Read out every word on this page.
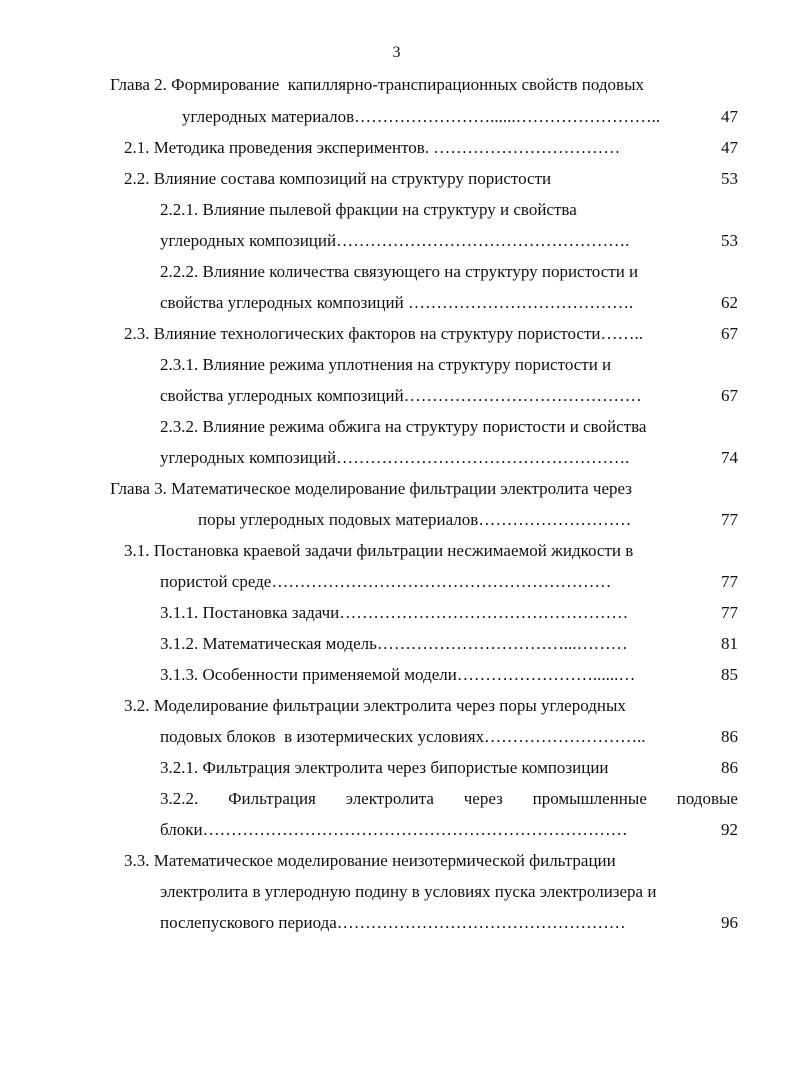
3
Глава 2. Формирование  капиллярно-транспирационных свойств подовых
углеродных материалов……………………......……………………..	47
2.1. Методика проведения экспериментов. ……………………………	47
2.2. Влияние состава композиций на структуру пористости	53
2.2.1. Влияние пылевой фракции на структуру и свойства
углеродных композиций…………………………………………….	53
2.2.2. Влияние количества связующего на структуру пористости и
свойства углеродных композиций ………………………………….	62
2.3. Влияние технологических факторов на структуру пористости……..	67
2.3.1. Влияние режима уплотнения на структуру пористости и
свойства углеродных композиций……………………………………	67
2.3.2. Влияние режима обжига на структуру пористости и свойства
углеродных композиций…………………………………………….	74
Глава 3. Математическое моделирование фильтрации электролита через
поры углеродных подовых материалов………………………	77
3.1. Постановка краевой задачи фильтрации несжимаемой жидкости в
пористой среде……………………………………………………	77
3.1.1. Постановка задачи……………………………………………	77
3.1.2. Математическая модель……………………………...………	81
3.1.3. Особенности применяемой модели……………………......…	85
3.2. Моделирование фильтрации электролита через поры углеродных
подовых блоков  в изотермических условиях………………………..	86
3.2.1. Фильтрация электролита через бипористые композиции	86
3.2.2. Фильтрация электролита через промышленные подовые
блоки…………………………………………………………………	92
3.3. Математическое моделирование неизотермической фильтрации
электролита в углеродную подину в условиях пуска электролизера и
послепускового периода……………………………………………	96
